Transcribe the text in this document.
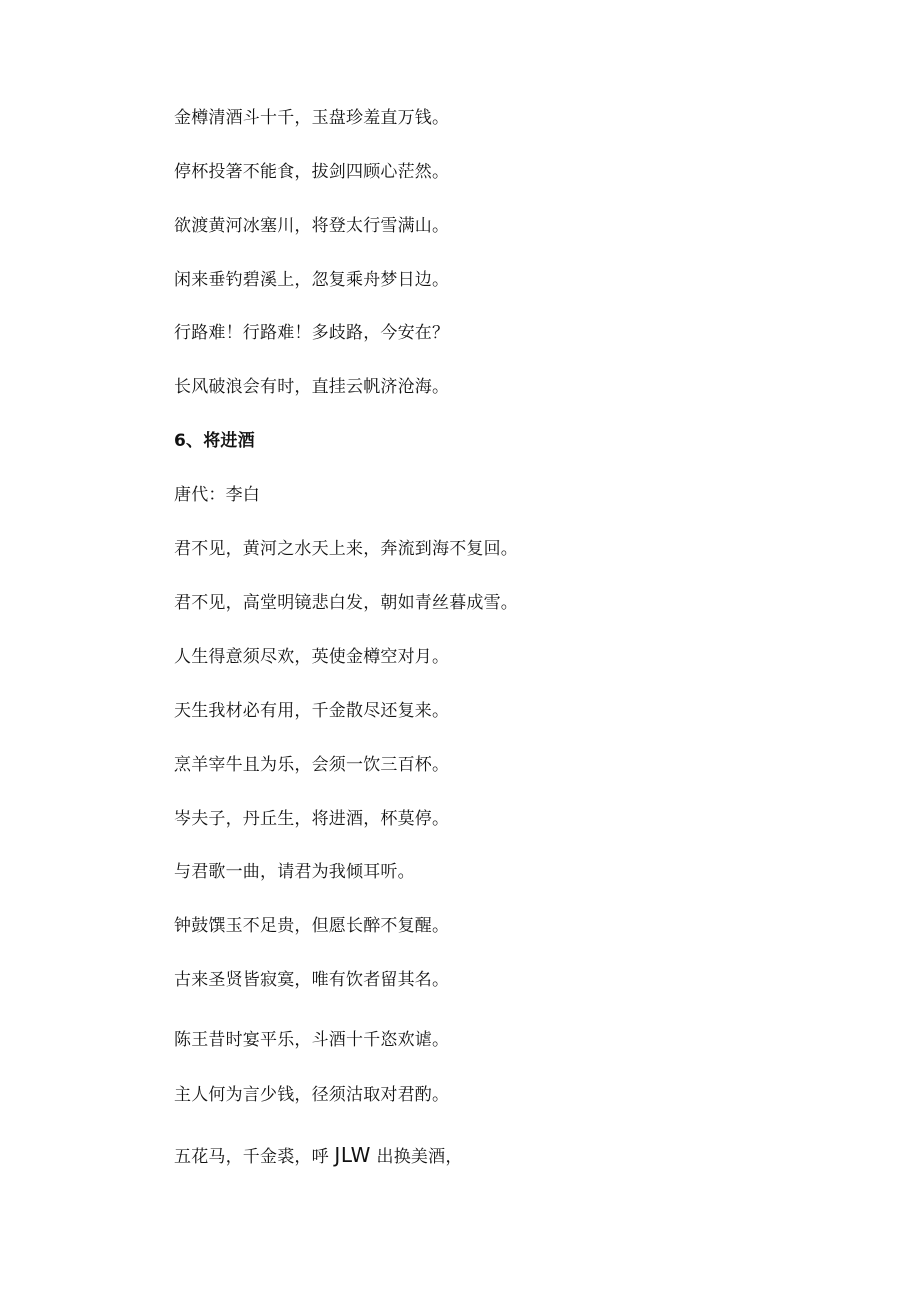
金樽清酒斗十千，玉盘珍羞直万钱。
停杯投箸不能食，拔剑四顾心茫然。
欲渡黄河冰塞川，将登太行雪满山。
闲来垂钓碧溪上，忽复乘舟梦日边。
行路难！行路难！多歧路，今安在？
长风破浪会有时，直挂云帆济沧海。
6、将进酒
唐代：李白
君不见，黄河之水天上来，奔流到海不复回。
君不见，高堂明镜悲白发，朝如青丝暮成雪。
人生得意须尽欢，英使金樽空对月。
天生我材必有用，千金散尽还复来。
烹羊宰牛且为乐，会须一饮三百杯。
岑夫子，丹丘生，将进酒，杯莫停。
与君歌一曲，请君为我倾耳听。
钟鼓馔玉不足贵，但愿长醉不复醒。
古来圣贤皆寂寞，唯有饮者留其名。
陈王昔时宴平乐，斗酒十千恣欢谑。
主人何为言少钱，径须沽取对君酌。
五花马，千金裘，呼 JLW 出换美酒，
